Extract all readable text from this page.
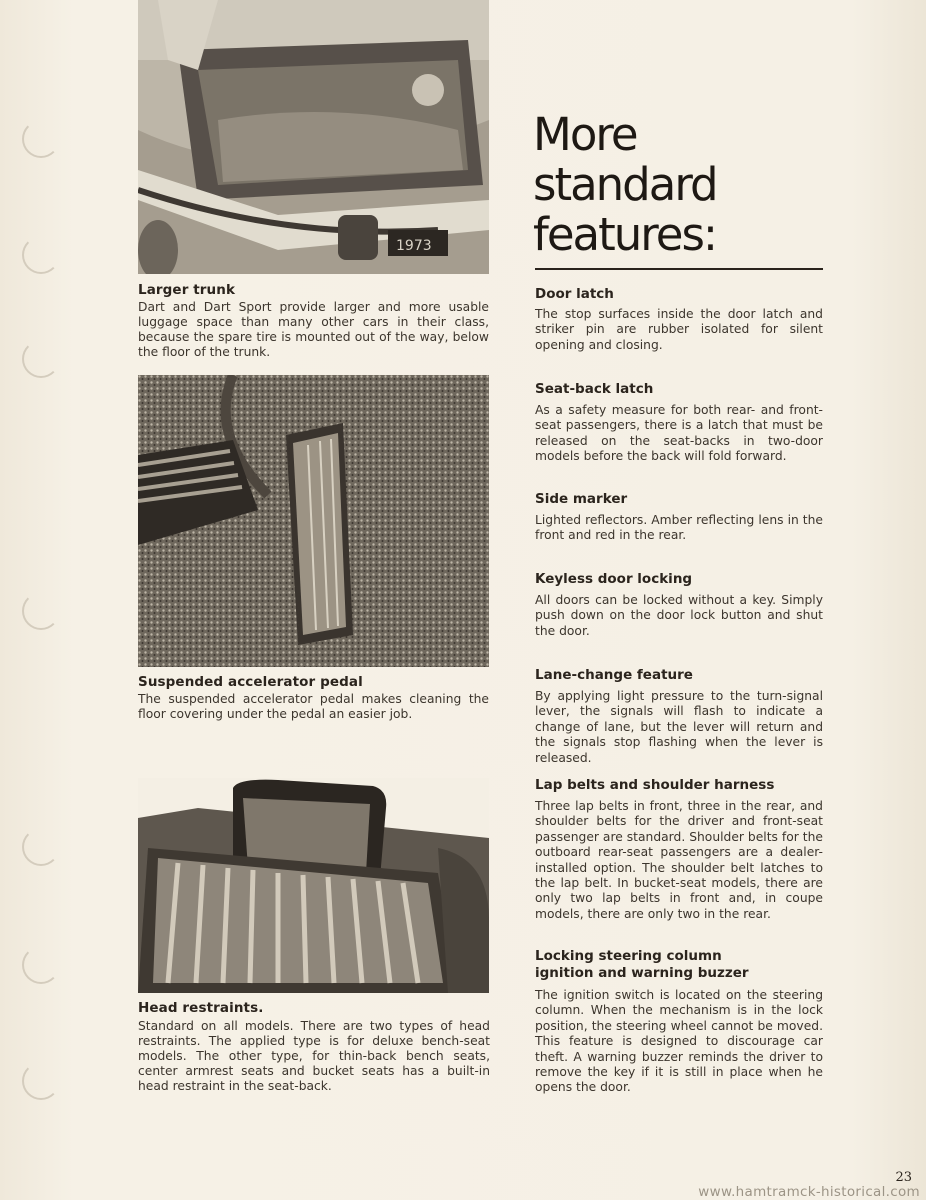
1973
Larger trunk
Dart and Dart Sport provide larger and more usable luggage space than many other cars in their class, because the spare tire is mounted out of the way, below the floor of the trunk.
Suspended accelerator pedal
The suspended accelerator pedal makes cleaning the floor covering under the pedal an easier job.
Head restraints.
Standard on all models. There are two types of head restraints. The applied type is for deluxe bench-seat models. The other type, for thin-back bench seats, center armrest seats and bucket seats has a built-in head restraint in the seat-back.
More
standard
features:
Door latch
The stop surfaces inside the door latch and striker pin are rubber isolated for silent opening and closing.
Seat-back latch
As a safety measure for both rear- and front-seat passengers, there is a latch that must be released on the seat-backs in two-door models before the back will fold forward.
Side marker
Lighted reflectors. Amber reflecting lens in the front and red in the rear.
Keyless door locking
All doors can be locked without a key. Simply push down on the door lock button and shut the door.
Lane-change feature
By applying light pressure to the turn-signal lever, the signals will flash to indicate a change of lane, but the lever will return and the signals stop flashing when the lever is released.
Lap belts and shoulder harness
Three lap belts in front, three in the rear, and shoulder belts for the driver and front-seat passenger are standard. Shoulder belts for the outboard rear-seat passengers are a dealer-installed option. The shoulder belt latches to the lap belt. In bucket-seat models, there are only two lap belts in front and, in coupe models, there are only two in the rear.
Locking steering column ignition and warning buzzer
The ignition switch is located on the steering column. When the mechanism is in the lock position, the steering wheel cannot be moved. This feature is designed to discourage car theft. A warning buzzer reminds the driver to remove the key if it is still in place when he opens the door.
23
www.hamtramck-historical.com
